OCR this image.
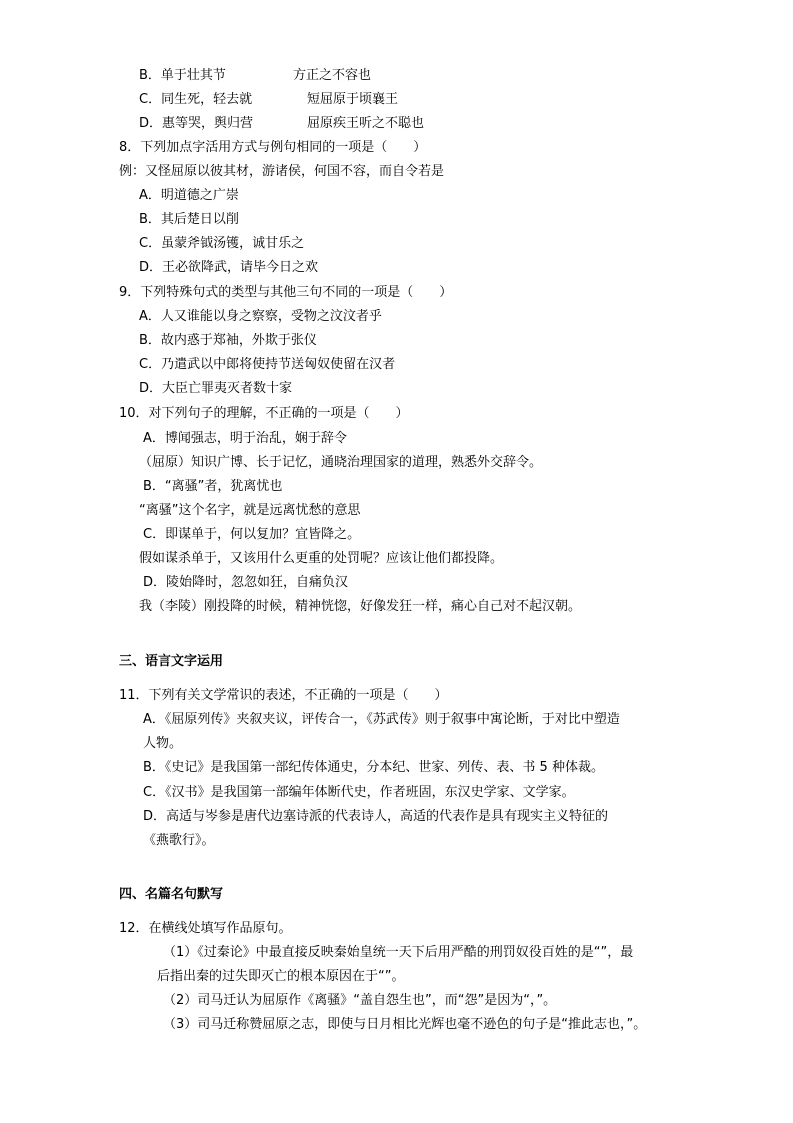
B．单于壮其节	方正之不容也
C．同生死，轻去就	短屈原于顷襄王
D．惠等哭，舆归营	屈原疾王听之不聪也
8．下列加点字活用方式与例句相同的一项是（　　）
例：又怪屈原以彼其材，游诸侯，何国不容，而自令若是
A．明道德之广崇
B．其后楚日以削
C．虽蒙斧钺汤镬，诚甘乐之
D．王必欲降武，请毕今日之欢
9．下列特殊句式的类型与其他三句不同的一项是（　　）
A．人又谁能以身之察察，受物之汶汶者乎
B．故内惑于郑袖，外欺于张仪
C．乃遣武以中郎将使持节送匈奴使留在汉者
D．大臣亡罪夷灭者数十家
10．对下列句子的理解，不正确的一项是（　　）
A．博闻强志，明于治乱，娴于辞令
（屈原）知识广博、长于记忆，通晓治理国家的道理，熟悉外交辞令。
B．“离骚”者，犹离忧也
“离骚”这个名字，就是远离忧愁的意思
C．即谋单于，何以复加？宜皆降之。
假如谋杀单于，又该用什么更重的处罚呢？应该让他们都投降。
D．陵始降时，忽忽如狂，自痛负汉
我（李陵）刚投降的时候，精神恍惚，好像发狂一样，痛心自己对不起汉朝。
三、语言文字运用
11．下列有关文学常识的表述，不正确的一项是（　　）
A．《屈原列传》夹叙夹议，评传合一，《苏武传》则于叙事中寓论断，于对比中塑造
人物。
B．《史记》是我国第一部纪传体通史，分本纪、世家、列传、表、书 5 种体裁。
C．《汉书》是我国第一部编年体断代史，作者班固，东汉史学家、文学家。
D．高适与岑参是唐代边塞诗派的代表诗人，高适的代表作是具有现实主义特征的
《燕歌行》。
四、名篇名句默写
12．在横线处填写作品原句。
（1）《过秦论》中最直接反映秦始皇统一天下后用严酷的刑罚奴役百姓的是“”，最
后指出秦的过失即灭亡的根本原因在于“”。
（2）司马迁认为屈原作《离骚》“盖自怨生也”，而“怨”是因为“，”。
（3）司马迁称赞屈原之志，即使与日月相比光辉也毫不逊色的句子是“推此志也，”。
